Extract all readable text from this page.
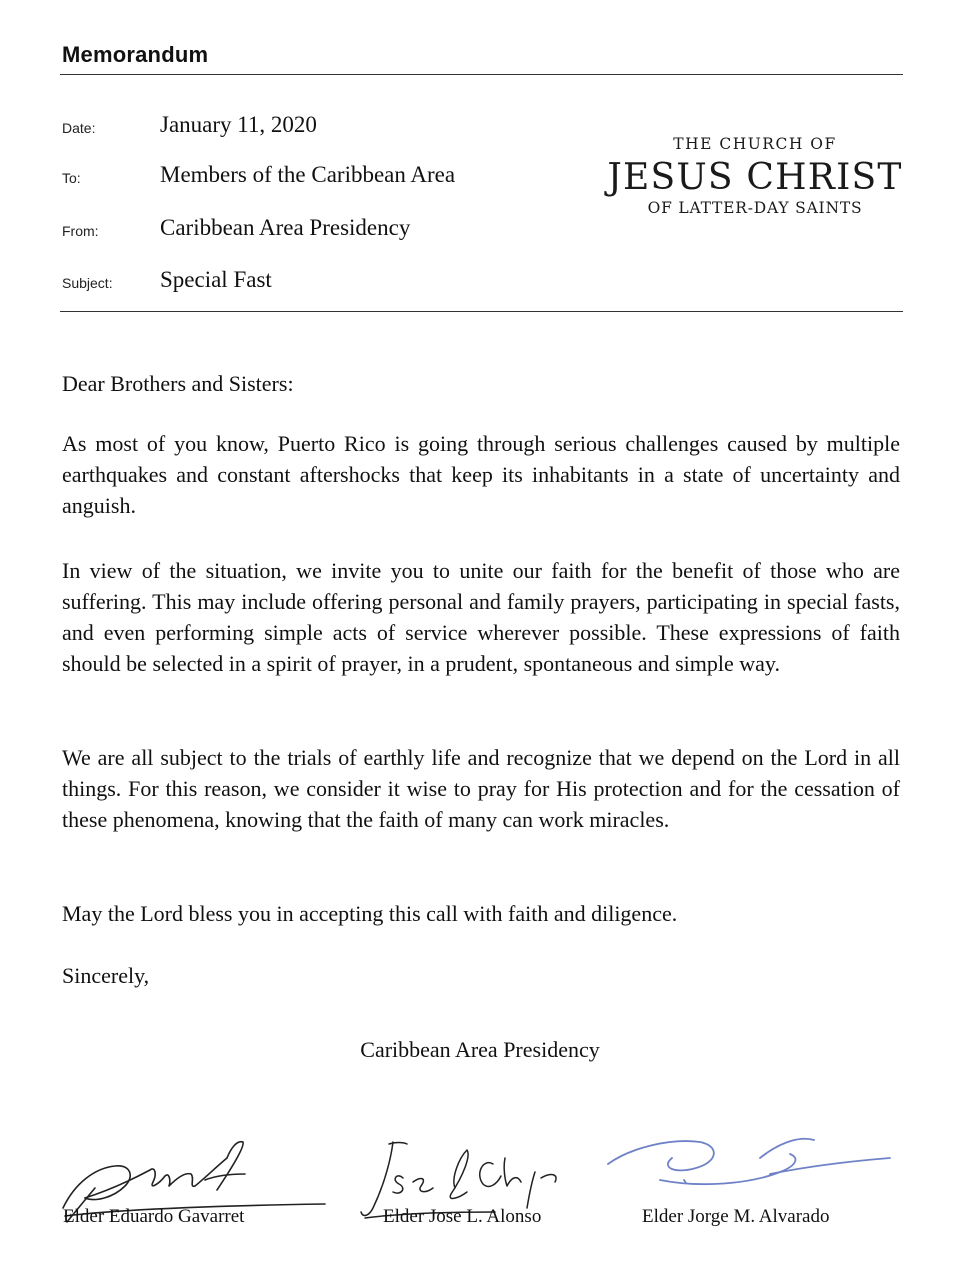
Memorandum
Date:	January 11, 2020
To:	Members of the Caribbean Area
From:	Caribbean Area Presidency
Subject: Special Fast
THE CHURCH OF
JESUS CHRIST
OF LATTER-DAY SAINTS

Dear Brothers and Sisters:

As most of you know, Puerto Rico is going through serious challenges caused by multiple earthquakes and constant aftershocks that keep its inhabitants in a state of uncertainty and anguish.

In view of the situation, we invite you to unite our faith for the benefit of those who are suffering. This may include offering personal and family prayers, participating in special fasts, and even performing simple acts of service wherever possible. These expressions of faith should be selected in a spirit of prayer, in a prudent, spontaneous and simple way.

We are all subject to the trials of earthly life and recognize that we depend on the Lord in all things. For this reason, we consider it wise to pray for His protection and for the cessation of these phenomena, knowing that the faith of many can work miracles.

May the Lord bless you in accepting this call with faith and diligence.

Sincerely,

Caribbean Area Presidency
Elder Eduardo Gavarret	Elder Jose L. Alonso	Elder Jorge M. Alvarado
